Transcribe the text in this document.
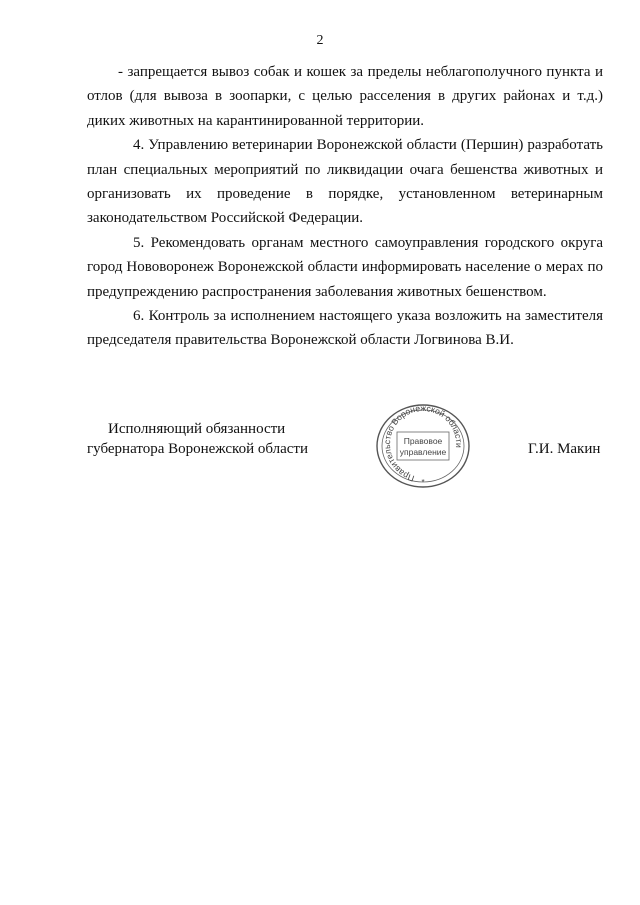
2

- запрещается вывоз собак и кошек за пределы неблагополучного пункта и отлов (для вывоза в зоопарки, с целью расселения в других районах и т.д.) диких животных на карантинированной территории.

4. Управлению ветеринарии Воронежской области (Першин) разработать план специальных мероприятий по ликвидации очага бешенства животных и организовать их проведение в порядке, установленном ветеринарным законодательством Российской Федерации.

5. Рекомендовать органам местного самоуправления городского округа город Нововоронеж Воронежской области информировать население о мерах по предупреждению распространения заболевания животных бешенством.

6. Контроль за исполнением настоящего указа возложить на заместителя председателя правительства Воронежской области Логвинова В.И.

Исполняющий обязанности
губернатора Воронежской области	Г.И. Макин
Правительство Воронежской области
Правовое
управление
*
